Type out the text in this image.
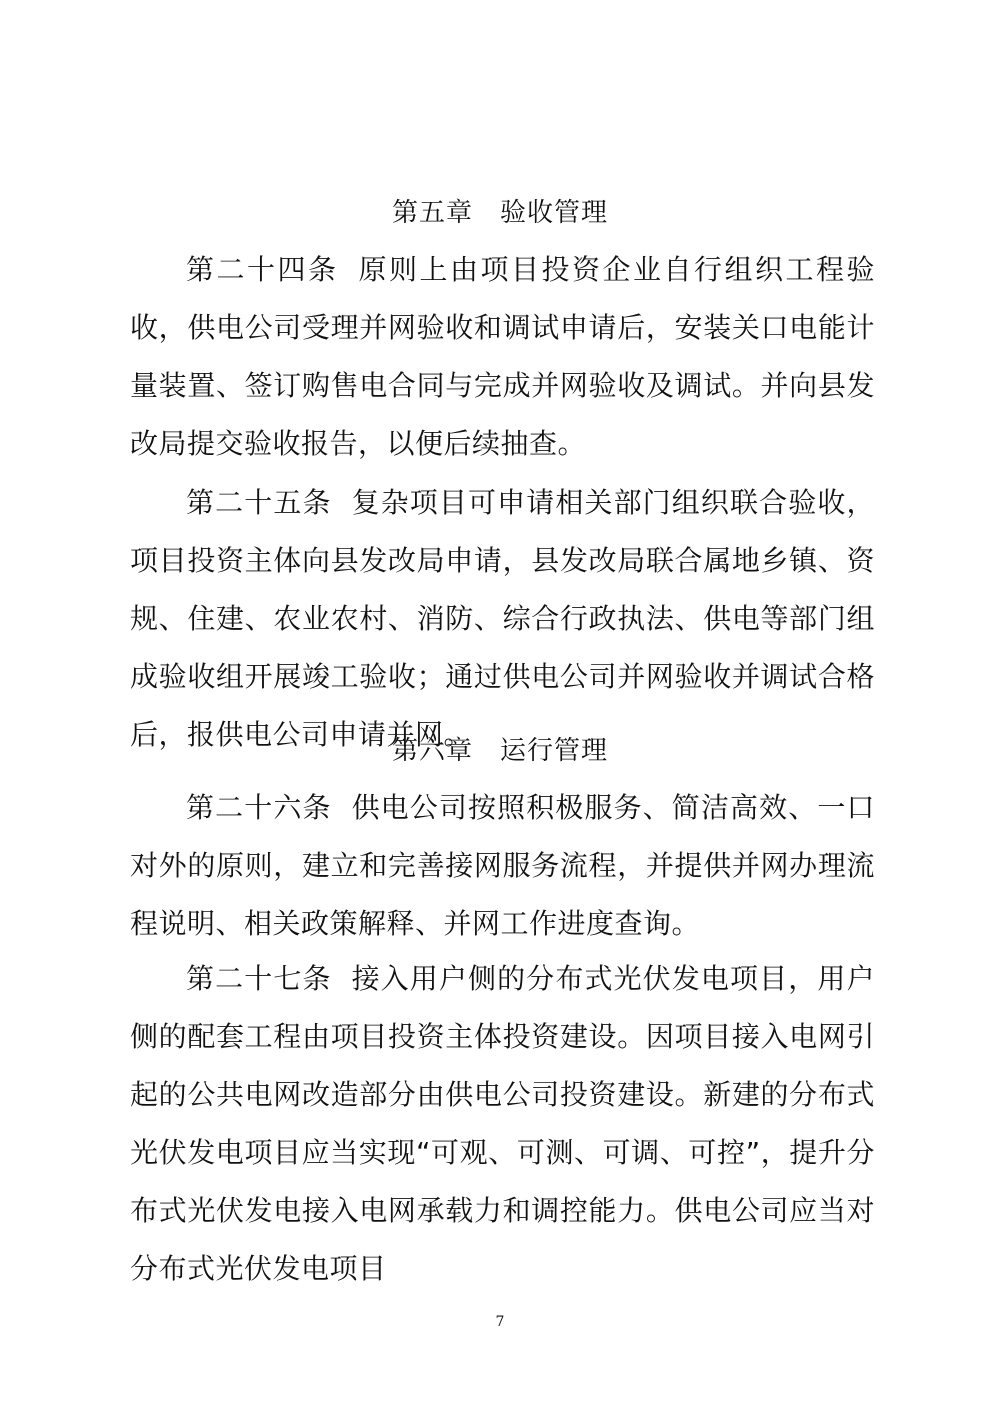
第五章　验收管理

第二十四条 原则上由项目投资企业自行组织工程验收，供电公司受理并网验收和调试申请后，安装关口电能计量装置、签订购售电合同与完成并网验收及调试。并向县发改局提交验收报告，以便后续抽查。

第二十五条 复杂项目可申请相关部门组织联合验收，项目投资主体向县发改局申请，县发改局联合属地乡镇、资规、住建、农业农村、消防、综合行政执法、供电等部门组成验收组开展竣工验收；通过供电公司并网验收并调试合格后，报供电公司申请并网。

第六章　运行管理

第二十六条 供电公司按照积极服务、简洁高效、一口对外的原则，建立和完善接网服务流程，并提供并网办理流程说明、相关政策解释、并网工作进度查询。

第二十七条 接入用户侧的分布式光伏发电项目，用户侧的配套工程由项目投资主体投资建设。因项目接入电网引起的公共电网改造部分由供电公司投资建设。新建的分布式光伏发电项目应当实现“可观、可测、可调、可控”，提升分布式光伏发电接入电网承载力和调控能力。供电公司应当对分布式光伏发电项目

7
